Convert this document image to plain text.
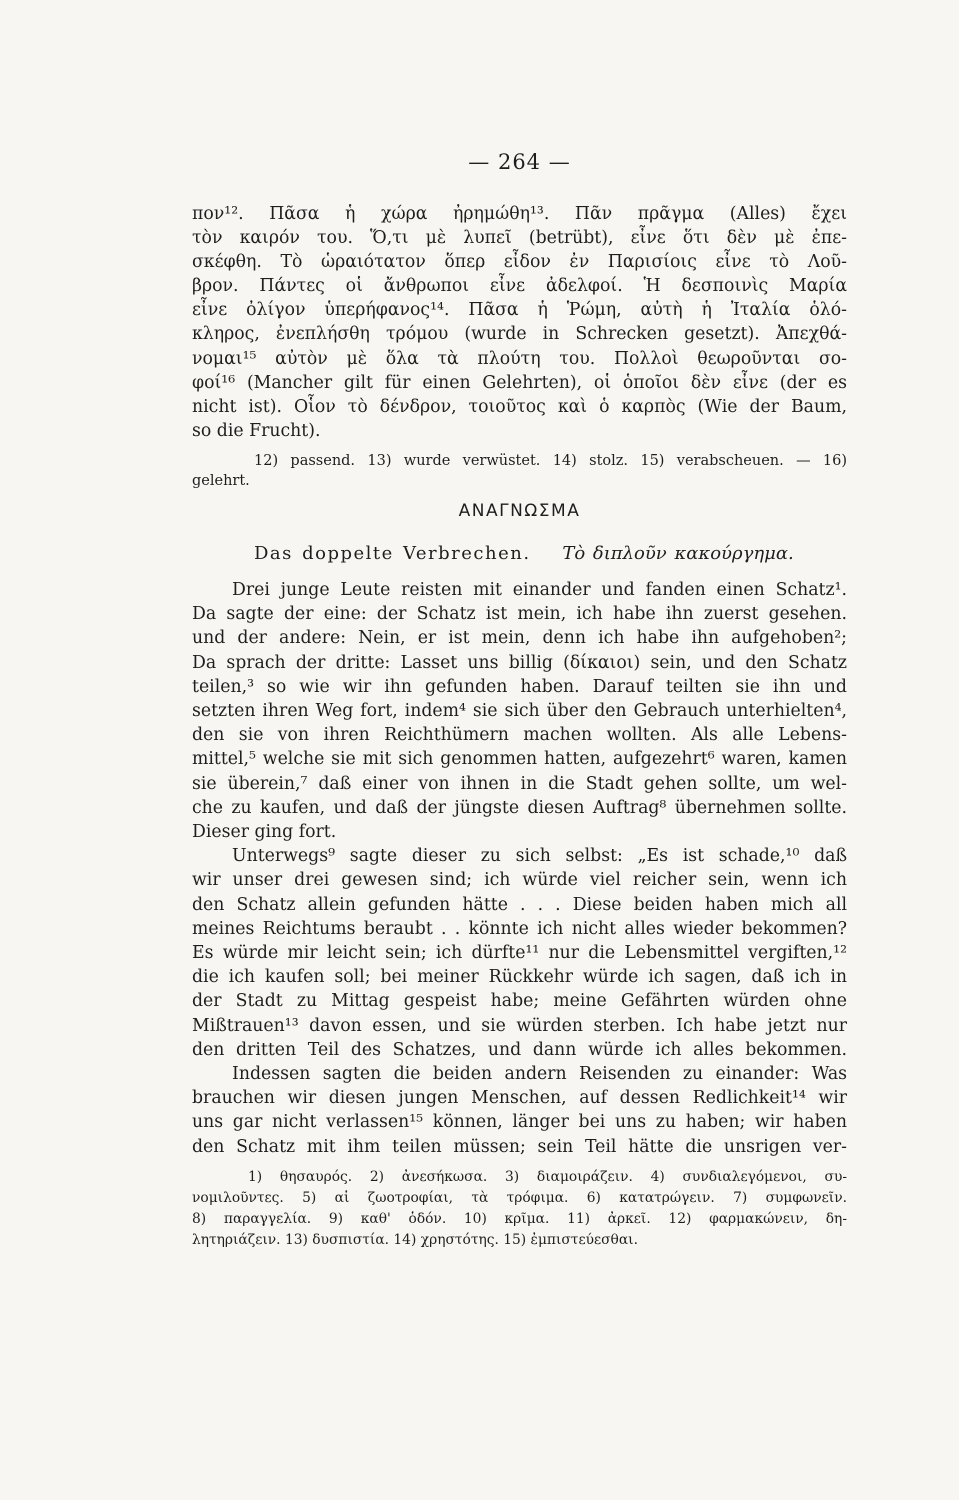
— 264 —
πον¹². Πᾶσα ἡ χώρα ἠρημώθη¹³. Πᾶν πρᾶγμα (Alles) ἔχει
τὸν καιρόν του. Ὅ,τι μὲ λυπεῖ (betrübt), εἶνε ὅτι δὲν μὲ ἐπε-
σκέφθη. Τὸ ὡραιότατον ὅπερ εἶδον ἐν Παρισίοις εἶνε τὸ Λοῦ-
βρον. Πάντες οἱ ἄνθρωποι εἶνε ἀδελφοί. Ἡ δεσποινὶς Μαρία
εἶνε ὀλίγον ὑπερήφανος¹⁴. Πᾶσα ἡ Ῥώμη, αὐτὴ ἡ Ἰταλία ὁλό-
κληρος, ἐνεπλήσθη τρόμου (wurde in Schrecken gesetzt). Ἀπεχθά-
νομαι¹⁵ αὐτὸν μὲ ὅλα τὰ πλούτη του. Πολλοὶ θεωροῦνται σο-
φοί¹⁶ (Mancher gilt für einen Gelehrten), οἱ ὁποῖοι δὲν εἶνε (der es
nicht ist). Οἷον τὸ δένδρον, τοιοῦτος καὶ ὁ καρπὸς (Wie der Baum,
so die Frucht).
12) passend. 13) wurde verwüstet. 14) stolz. 15) verabscheuen. — 16)
gelehrt.
ΑΝΑΓΝΩΣΜΑ
Das doppelte Verbrechen. Τὸ διπλοῦν κακούργημα.
Drei junge Leute reisten mit einander und fanden einen Schatz¹.
Da sagte der eine: der Schatz ist mein, ich habe ihn zuerst gesehen.
und der andere: Nein, er ist mein, denn ich habe ihn aufgehoben²;
Da sprach der dritte: Lasset uns billig (δίκαιοι) sein, und den Schatz
teilen,³ so wie wir ihn gefunden haben. Darauf teilten sie ihn und
setzten ihren Weg fort, indem⁴ sie sich über den Gebrauch unterhielten⁴,
den sie von ihren Reichthümern machen wollten. Als alle Lebens-
mittel,⁵ welche sie mit sich genommen hatten, aufgezehrt⁶ waren, kamen
sie überein,⁷ daß einer von ihnen in die Stadt gehen sollte, um wel-
che zu kaufen, und daß der jüngste diesen Auftrag⁸ übernehmen sollte.
Dieser ging fort.
Unterwegs⁹ sagte dieser zu sich selbst: „Es ist schade,¹⁰ daß
wir unser drei gewesen sind; ich würde viel reicher sein, wenn ich
den Schatz allein gefunden hätte . . . Diese beiden haben mich all
meines Reichtums beraubt . . könnte ich nicht alles wieder bekommen?
Es würde mir leicht sein; ich dürfte¹¹ nur die Lebensmittel vergiften,¹²
die ich kaufen soll; bei meiner Rückkehr würde ich sagen, daß ich in
der Stadt zu Mittag gespeist habe; meine Gefährten würden ohne
Mißtrauen¹³ davon essen, und sie würden sterben. Ich habe jetzt nur
den dritten Teil des Schatzes, und dann würde ich alles bekommen.
Indessen sagten die beiden andern Reisenden zu einander: Was
brauchen wir diesen jungen Menschen, auf dessen Redlichkeit¹⁴ wir
uns gar nicht verlassen¹⁵ können, länger bei uns zu haben; wir haben
den Schatz mit ihm teilen müssen; sein Teil hätte die unsrigen ver-
1) θησαυρός. 2) ἀνεσήκωσα. 3) διαμοιράζειν. 4) συνδιαλεγόμενοι, συ-
νομιλοῦντες. 5) αἱ ζωοτροφίαι, τὰ τρόφιμα. 6) κατατρώγειν. 7) συμφωνεῖν.
8) παραγγελία. 9) καθ' ὁδόν. 10) κρῖμα. 11) ἀρκεῖ. 12) φαρμακώνειν, δη-
λητηριάζειν. 13) δυσπιστία. 14) χρηστότης. 15) ἐμπιστεύεσθαι.
